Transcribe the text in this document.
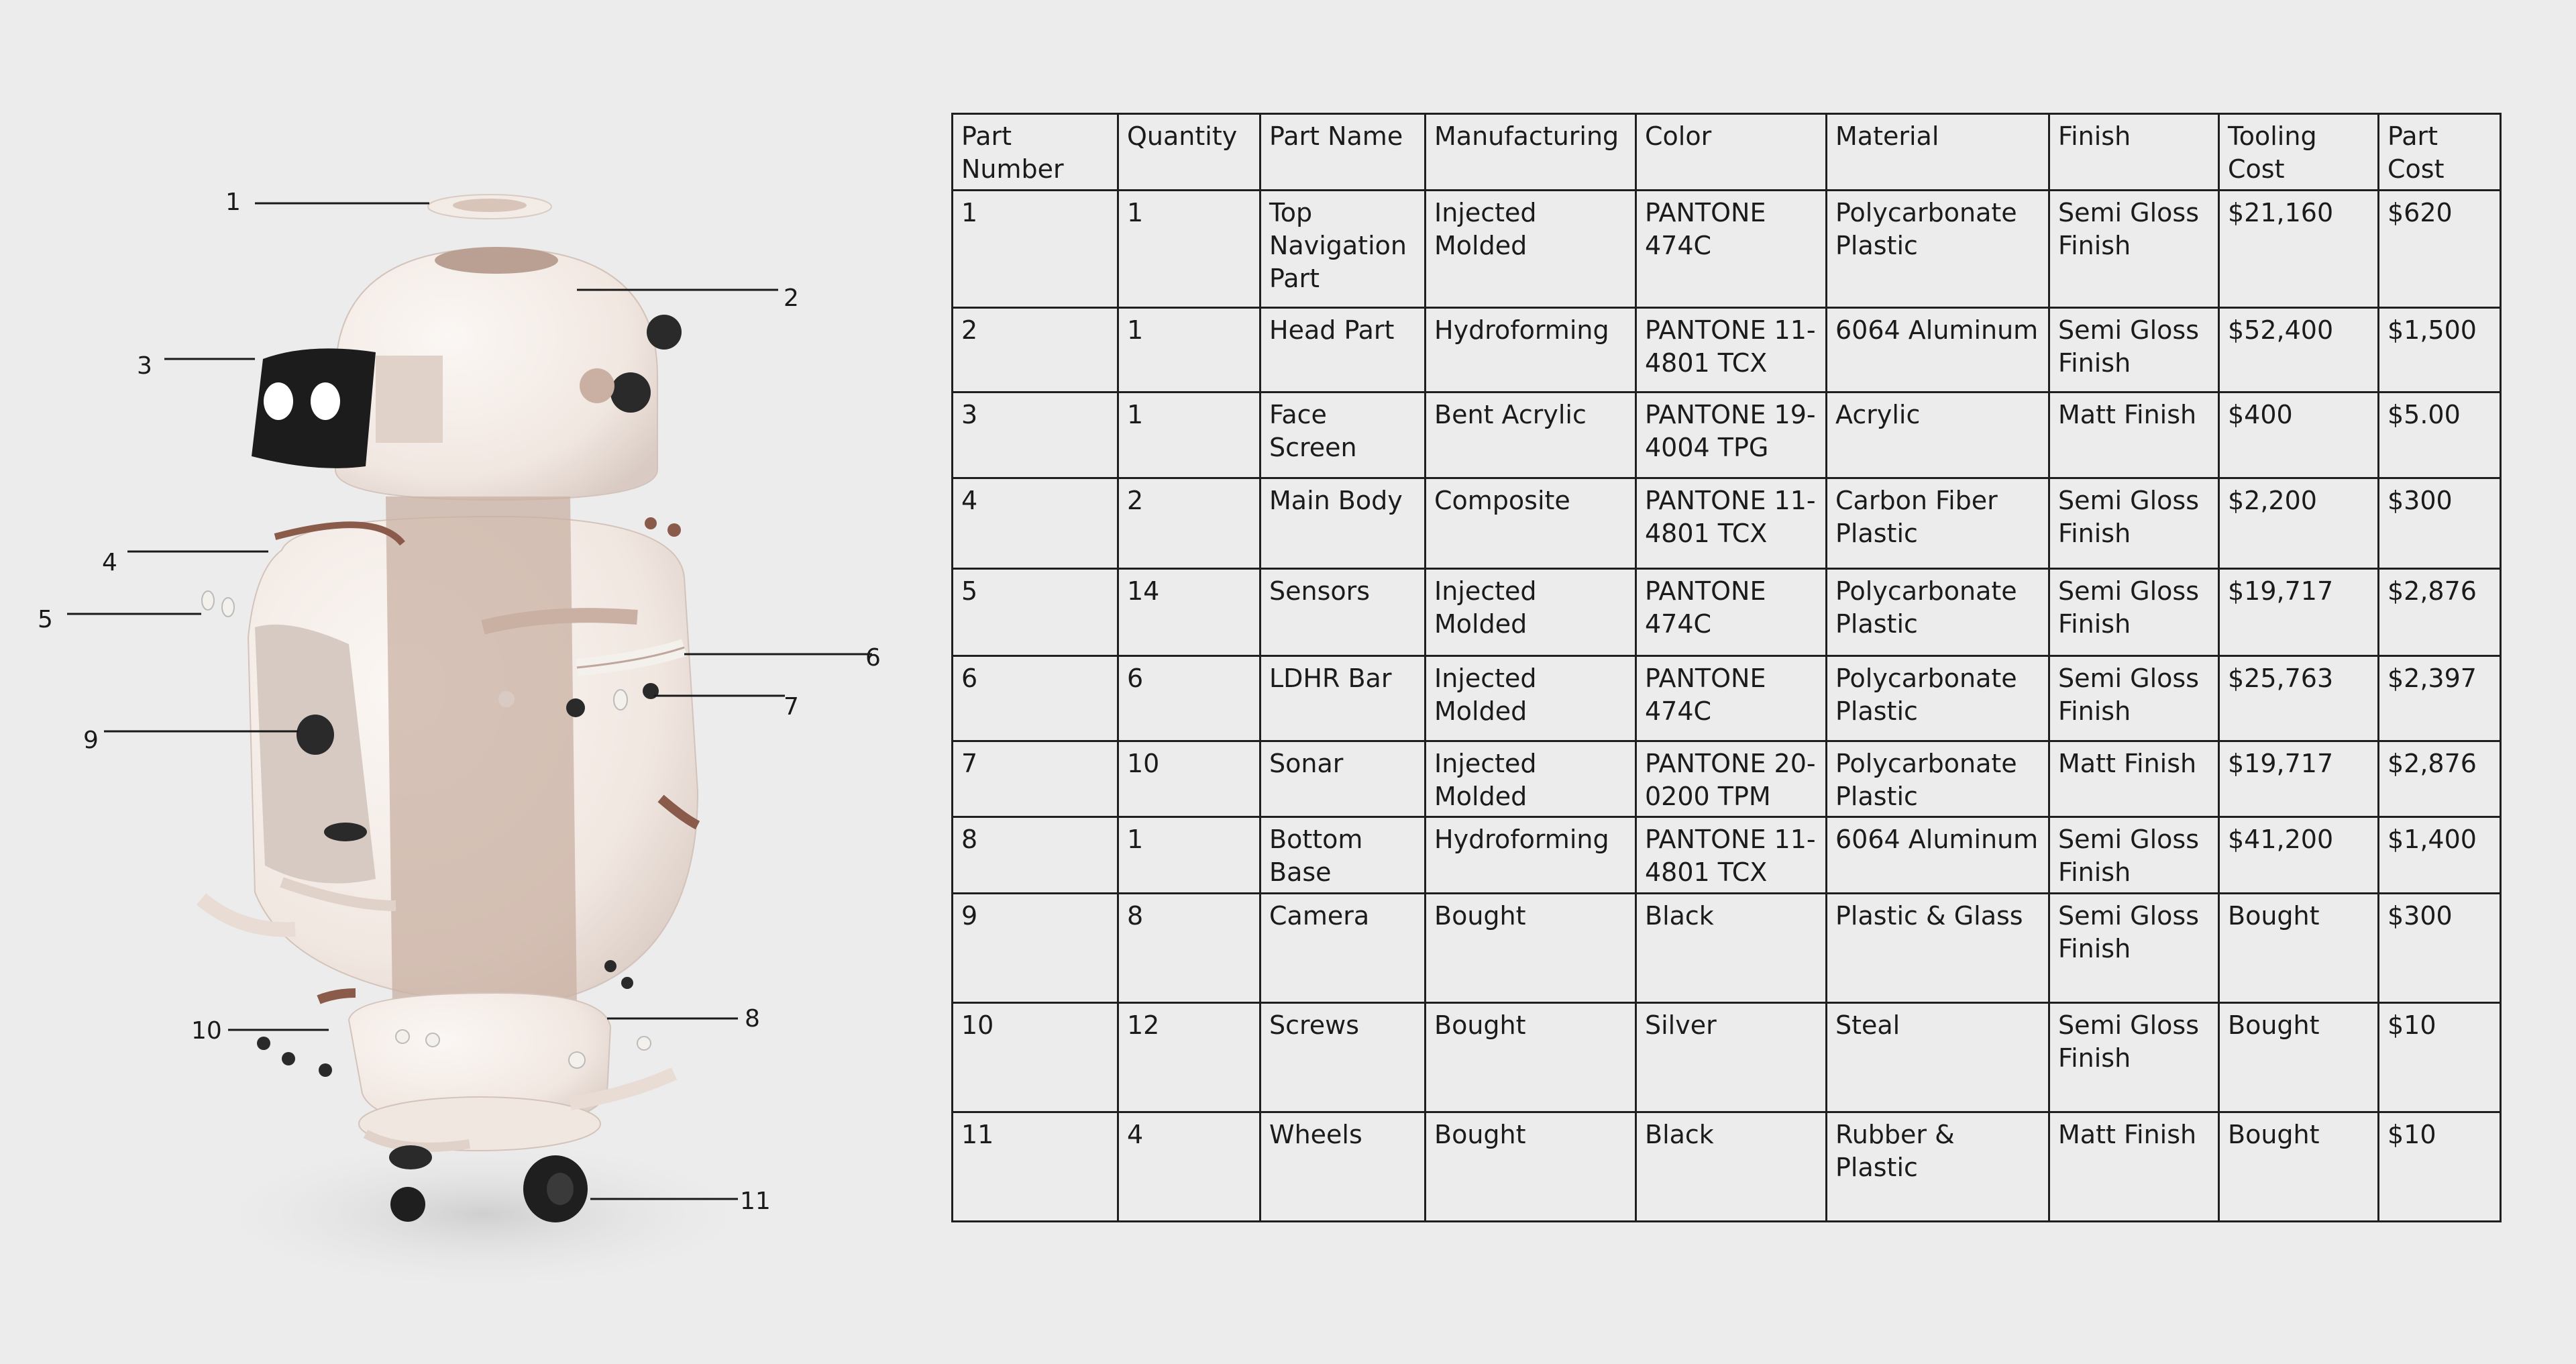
1
2
3
4
5
6
7
8
9
10
11
Part Number	Quantity	Part Name	Manufacturing	Color	Material	Finish	Tooling Cost	Part Cost
1	1	Top Navigation Part	Injected Molded	PANTONE 474C	Polycarbonate Plastic	Semi Gloss Finish	$21,160	$620
2	1	Head Part	Hydroforming	PANTONE 11-4801 TCX	6064 Aluminum	Semi Gloss Finish	$52,400	$1,500
3	1	Face Screen	Bent Acrylic	PANTONE 19-4004 TPG	Acrylic	Matt Finish	$400	$5.00
4	2	Main Body	Composite	PANTONE 11-4801 TCX	Carbon Fiber Plastic	Semi Gloss Finish	$2,200	$300
5	14	Sensors	Injected Molded	PANTONE 474C	Polycarbonate Plastic	Semi Gloss Finish	$19,717	$2,876
6	6	LDHR Bar	Injected Molded	PANTONE 474C	Polycarbonate Plastic	Semi Gloss Finish	$25,763	$2,397
7	10	Sonar	Injected Molded	PANTONE 20-0200 TPM	Polycarbonate Plastic	Matt Finish	$19,717	$2,876
8	1	Bottom Base	Hydroforming	PANTONE 11-4801 TCX	6064 Aluminum	Semi Gloss Finish	$41,200	$1,400
9	8	Camera	Bought	Black	Plastic & Glass	Semi Gloss Finish	Bought	$300
10	12	Screws	Bought	Silver	Steal	Semi Gloss Finish	Bought	$10
11	4	Wheels	Bought	Black	Rubber & Plastic	Matt Finish	Bought	$10
